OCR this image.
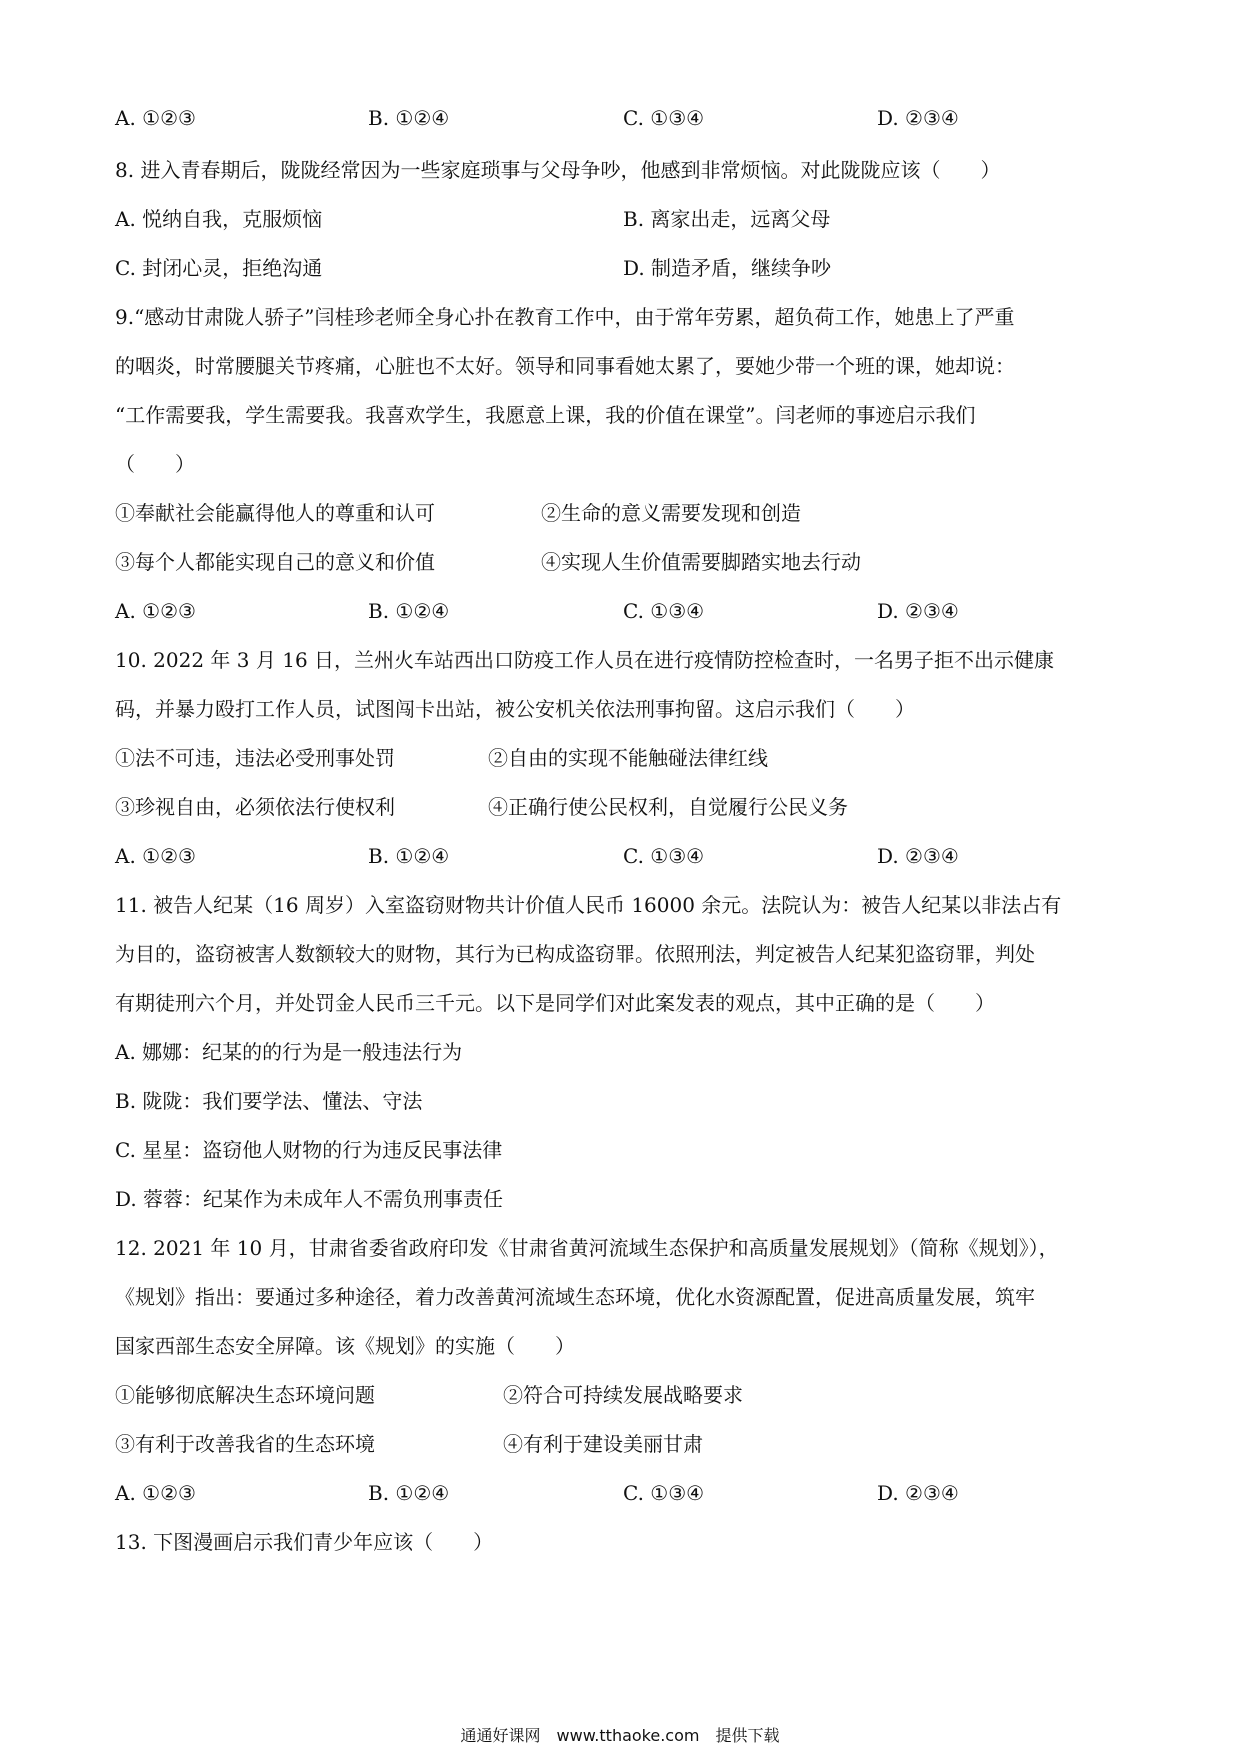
A. ①②③	B. ①②④	C. ①③④	D. ②③④
8. 进入青春期后，陇陇经常因为一些家庭琐事与父母争吵，他感到非常烦恼。对此陇陇应该（　　）
A. 悦纳自我，克服烦恼	B. 离家出走，远离父母
C. 封闭心灵，拒绝沟通	D. 制造矛盾，继续争吵
9.“感动甘肃陇人骄子”闫桂珍老师全身心扑在教育工作中，由于常年劳累，超负荷工作，她患上了严重
的咽炎，时常腰腿关节疼痛，心脏也不太好。领导和同事看她太累了，要她少带一个班的课，她却说：
“工作需要我，学生需要我。我喜欢学生，我愿意上课，我的价值在课堂”。闫老师的事迹启示我们
（　　）
①奉献社会能赢得他人的尊重和认可	②生命的意义需要发现和创造
③每个人都能实现自己的意义和价值	④实现人生价值需要脚踏实地去行动
A. ①②③	B. ①②④	C. ①③④	D. ②③④
10. 2022 年 3 月 16 日，兰州火车站西出口防疫工作人员在进行疫情防控检查时，一名男子拒不出示健康
码，并暴力殴打工作人员，试图闯卡出站，被公安机关依法刑事拘留。这启示我们（　　）
①法不可违，违法必受刑事处罚	②自由的实现不能触碰法律红线
③珍视自由，必须依法行使权利	④正确行使公民权利，自觉履行公民义务
A. ①②③	B. ①②④	C. ①③④	D. ②③④
11. 被告人纪某（16 周岁）入室盗窃财物共计价值人民币 16000 余元。法院认为：被告人纪某以非法占有
为目的，盗窃被害人数额较大的财物，其行为已构成盗窃罪。依照刑法，判定被告人纪某犯盗窃罪，判处
有期徒刑六个月，并处罚金人民币三千元。以下是同学们对此案发表的观点，其中正确的是（　　）
A. 娜娜：纪某的的行为是一般违法行为
B. 陇陇：我们要学法、懂法、守法
C. 星星：盗窃他人财物的行为违反民事法律
D. 蓉蓉：纪某作为未成年人不需负刑事责任
12. 2021 年 10 月，甘肃省委省政府印发《甘肃省黄河流域生态保护和高质量发展规划》（简称《规划》），
《规划》指出：要通过多种途径，着力改善黄河流域生态环境，优化水资源配置，促进高质量发展，筑牢
国家西部生态安全屏障。该《规划》的实施（　　）
①能够彻底解决生态环境问题	②符合可持续发展战略要求
③有利于改善我省的生态环境	④有利于建设美丽甘肃
A. ①②③	B. ①②④	C. ①③④	D. ②③④
13. 下图漫画启示我们青少年应该（　　）
通通好课网　www.tthaoke.com　提供下载
